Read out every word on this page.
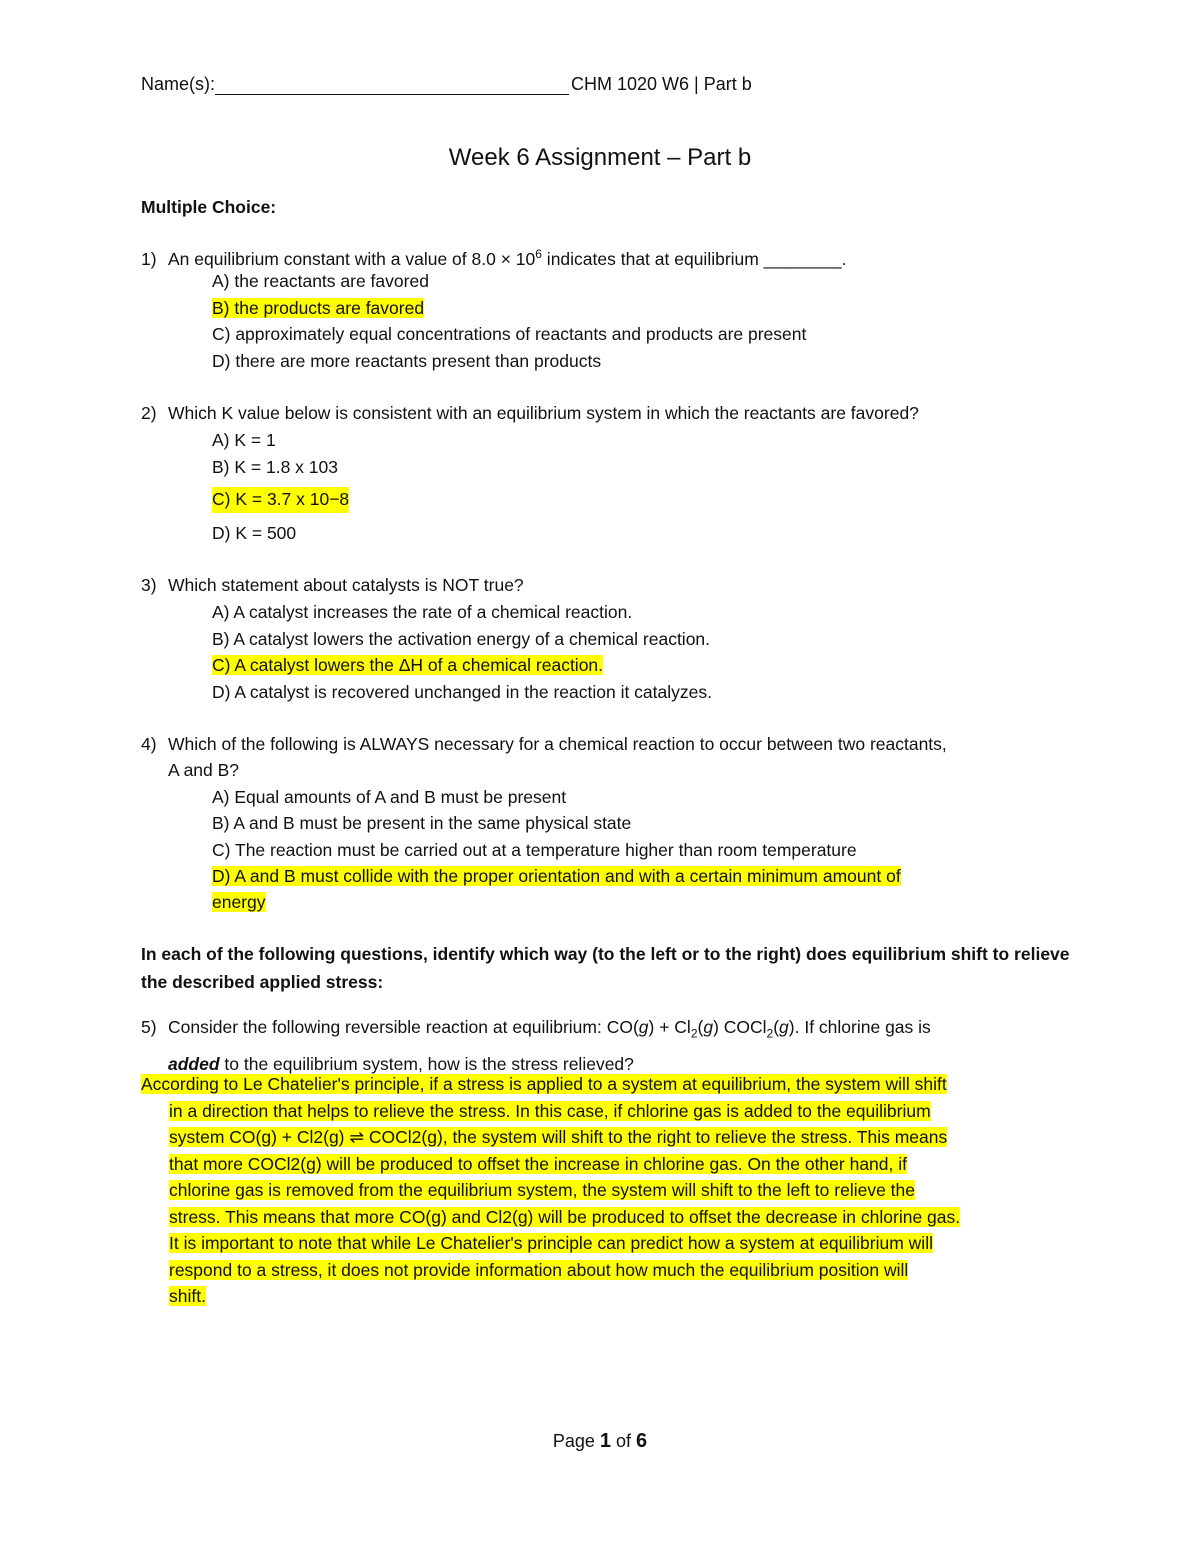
Name(s):	CHM 1020 W6 | Part b
Week 6 Assignment – Part b
Multiple Choice:
1) An equilibrium constant with a value of $8.0 \times 10^6$ indicates that at equilibrium ________.
A) the reactants are favored
B) the products are favored
C) approximately equal concentrations of reactants and products are present
D) there are more reactants present than products
2) Which K value below is consistent with an equilibrium system in which the reactants are favored?
A) K = 1
B) K = 1.8 x 103
C) K = 3.7 x 10−8
D) K = 500
3) Which statement about catalysts is NOT true?
A) A catalyst increases the rate of a chemical reaction.
B) A catalyst lowers the activation energy of a chemical reaction.
C) A catalyst lowers the ΔH of a chemical reaction.
D) A catalyst is recovered unchanged in the reaction it catalyzes.
4) Which of the following is ALWAYS necessary for a chemical reaction to occur between two reactants,
A and B?
A) Equal amounts of A and B must be present
B) A and B must be present in the same physical state
C) The reaction must be carried out at a temperature higher than room temperature
D) A and B must collide with the proper orientation and with a certain minimum amount of
energy
In each of the following questions, identify which way (to the left or to the right) does equilibrium shift to relieve the described applied stress:
5) Consider the following reversible reaction at equilibrium: $CO(g) + Cl_2(g)$ COCl$_2$(g). If chlorine gas is
added to the equilibrium system, how is the stress relieved?
According to Le Chatelier's principle, if a stress is applied to a system at equilibrium, the system will shift
in a direction that helps to relieve the stress. In this case, if chlorine gas is added to the equilibrium
system CO(g) + Cl2(g) ⇌ COCl2(g), the system will shift to the right to relieve the stress. This means
that more COCl2(g) will be produced to offset the increase in chlorine gas. On the other hand, if
chlorine gas is removed from the equilibrium system, the system will shift to the left to relieve the
stress. This means that more CO(g) and Cl2(g) will be produced to offset the decrease in chlorine gas.
It is important to note that while Le Chatelier's principle can predict how a system at equilibrium will
respond to a stress, it does not provide information about how much the equilibrium position will
shift.
Page 1 of 6
